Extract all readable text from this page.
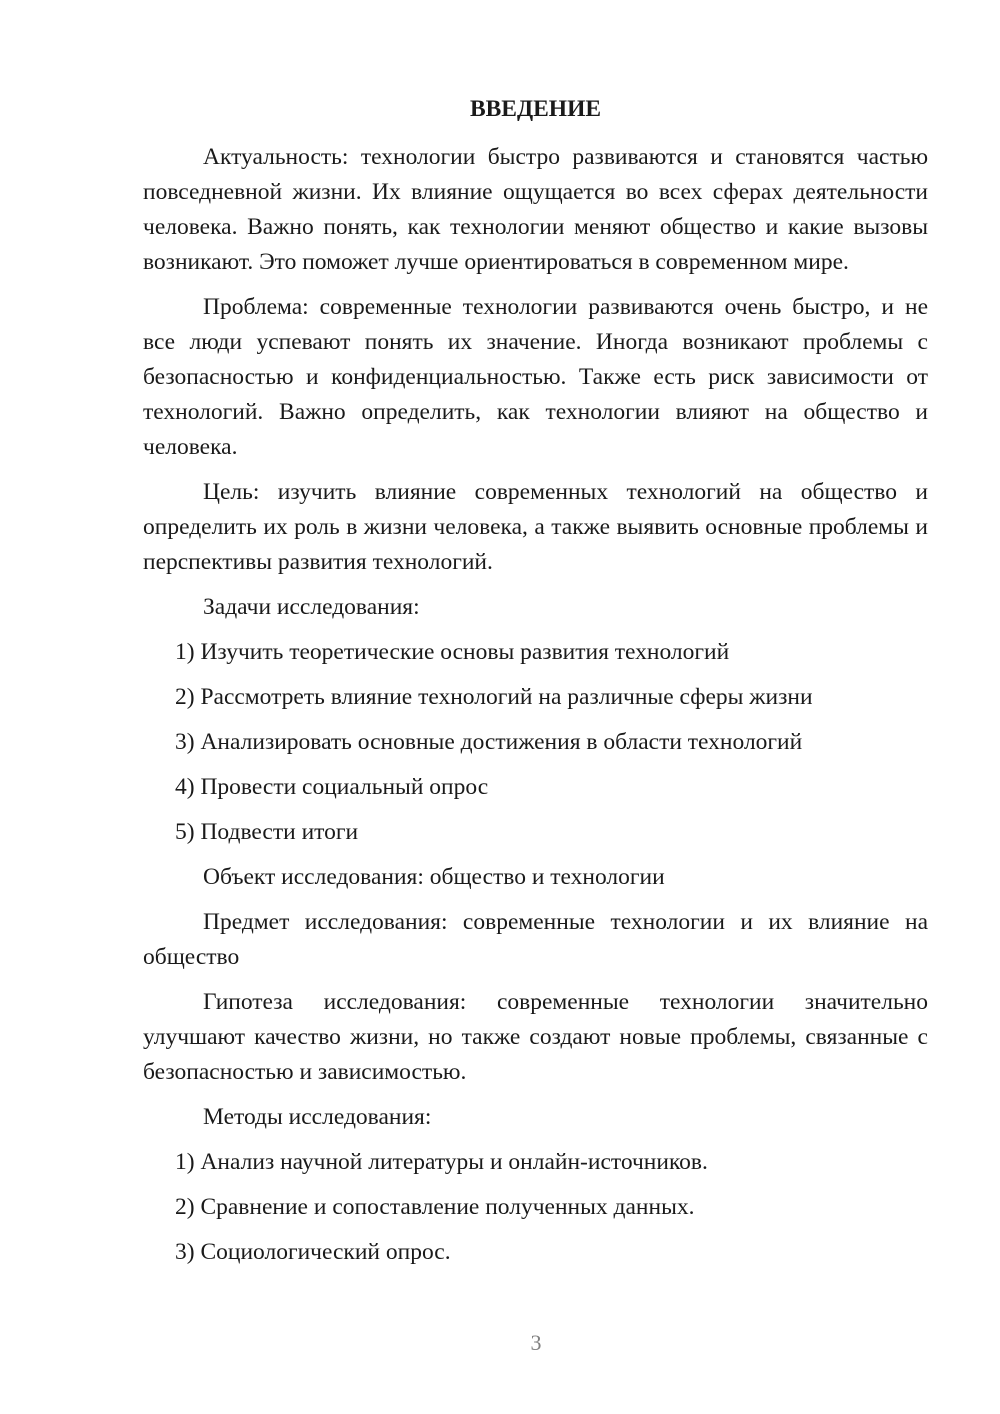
ВВЕДЕНИЕ

Актуальность: технологии быстро развиваются и становятся частью повседневной жизни. Их влияние ощущается во всех сферах деятельности человека. Важно понять, как технологии меняют общество и какие вызовы возникают. Это поможет лучше ориентироваться в современном мире.

Проблема: современные технологии развиваются очень быстро, и не все люди успевают понять их значение. Иногда возникают проблемы с безопасностью и конфиденциальностью. Также есть риск зависимости от технологий. Важно определить, как технологии влияют на общество и человека.

Цель: изучить влияние современных технологий на общество и определить их роль в жизни человека, а также выявить основные проблемы и перспективы развития технологий.

Задачи исследования:
1) Изучить теоретические основы развития технологий
2) Рассмотреть влияние технологий на различные сферы жизни
3) Анализировать основные достижения в области технологий
4) Провести социальный опрос
5) Подвести итоги
Объект исследования: общество и технологии

Предмет исследования: современные технологии и их влияние на общество

Гипотеза исследования: современные технологии значительно улучшают качество жизни, но также создают новые проблемы, связанные с безопасностью и зависимостью.

Методы исследования:
1) Анализ научной литературы и онлайн-источников.
2) Сравнение и сопоставление полученных данных.
3) Социологический опрос.
3
